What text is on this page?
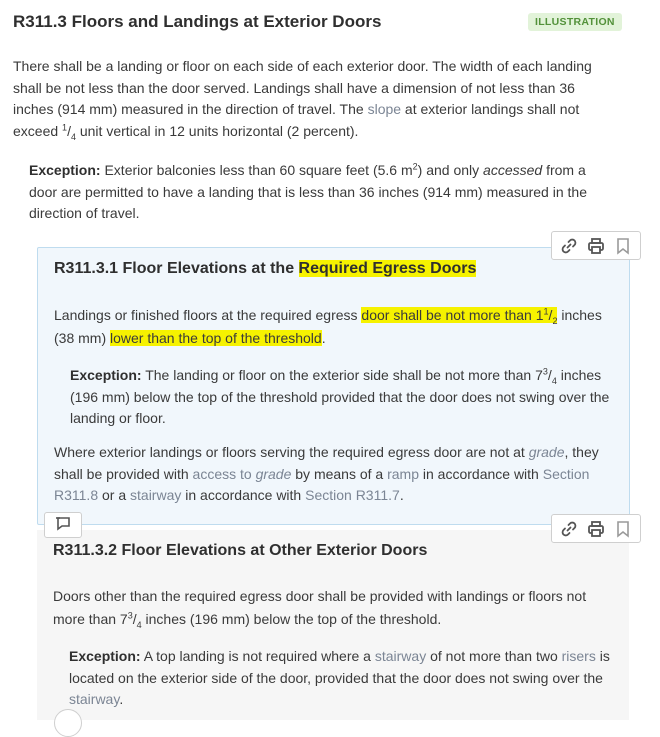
R311.3 Floors and Landings at Exterior Doors	ILLUSTRATION

There shall be a landing or floor on each side of each exterior door. The width of each landing shall be not less than the door served. Landings shall have a dimension of not less than 36 inches (914 mm) measured in the direction of travel. The slope at exterior landings shall not exceed $^1/_4$ unit vertical in 12 units horizontal (2 percent).

Exception: Exterior balconies less than 60 square feet (5.6 $m^2$) and only accessed from a door are permitted to have a landing that is less than 36 inches (914 mm) measured in the direction of travel.

R311.3.1 Floor Elevations at the Required Egress Doors

Landings or finished floors at the required egress door shall be not more than $1^1/_2$ inches (38 mm) lower than the top of the threshold.

Exception: The landing or floor on the exterior side shall be not more than $7^3/_4$ inches (196 mm) below the top of the threshold provided that the door does not swing over the landing or floor.

Where exterior landings or floors serving the required egress door are not at grade, they shall be provided with access to grade by means of a ramp in accordance with Section R311.8 or a stairway in accordance with Section R311.7.

R311.3.2 Floor Elevations at Other Exterior Doors

Doors other than the required egress door shall be provided with landings or floors not more than $7^3/_4$ inches (196 mm) below the top of the threshold.

Exception: A top landing is not required where a stairway of not more than two risers is located on the exterior side of the door, provided that the door does not swing over the stairway.
